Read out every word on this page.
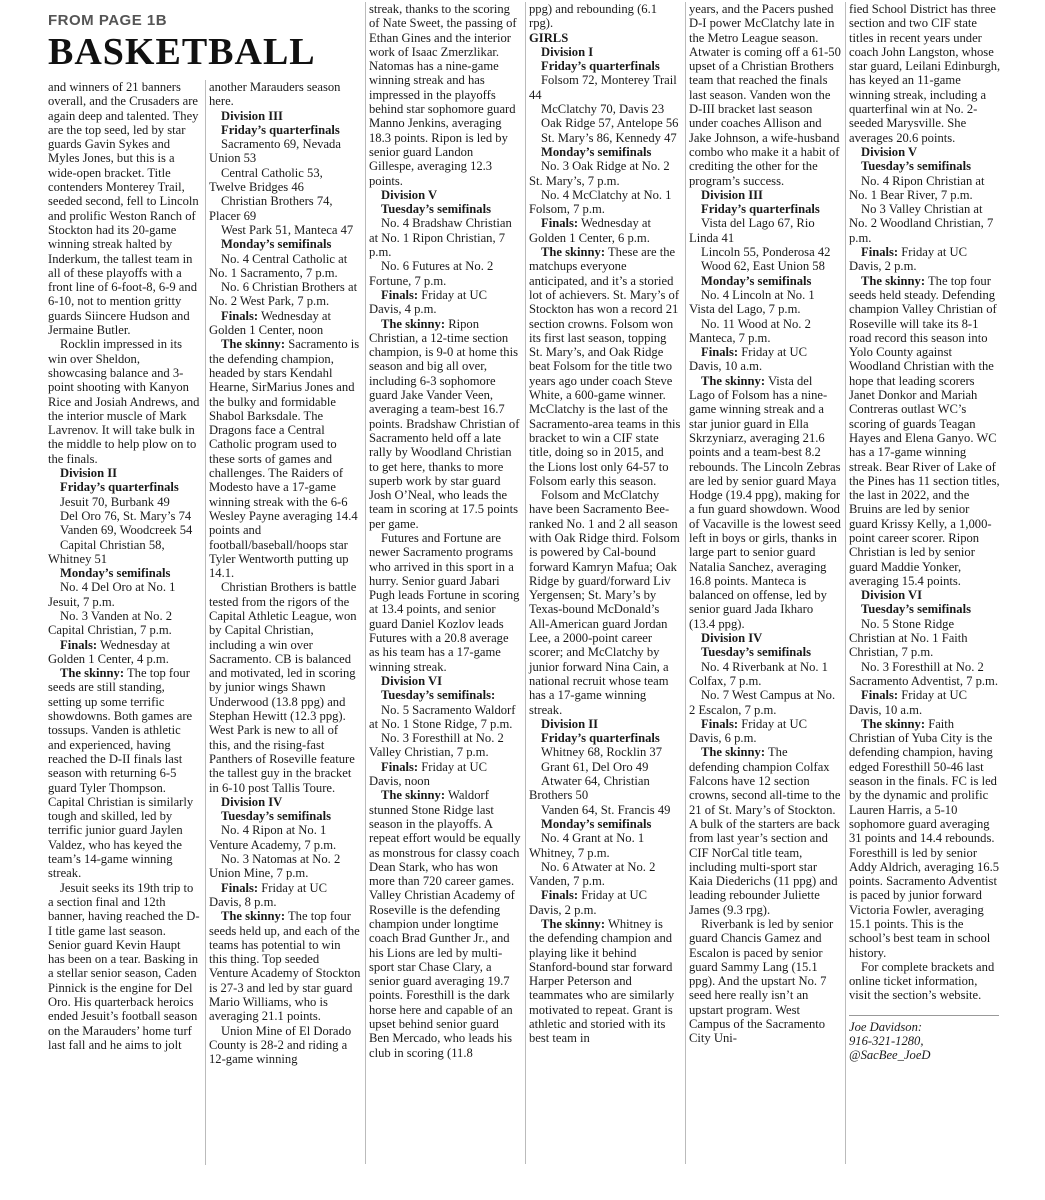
FROM PAGE 1B
BASKETBALL

and winners of 21 banners overall, and the Crusaders are again deep and talented. They are the top seed, led by star guards Gavin Sykes and Myles Jones, but this is a wide-open bracket. Title contenders Monterey Trail, seeded second, fell to Lincoln and prolific Weston Ranch of Stockton had its 20-game winning streak halted by Inderkum, the tallest team in all of these playoffs with a front line of 6-foot-8, 6-9 and 6-10, not to mention gritty guards Siincere Hudson and Jermaine Butler.

Rocklin impressed in its win over Sheldon, showcasing balance and 3-point shooting with Kanyon Rice and Josiah Andrews, and the interior muscle of Mark Lavrenov. It will take bulk in the middle to help plow on to the finals.

Division II

Friday’s quarterfinals

Jesuit 70, Burbank 49

Del Oro 76, St. Mary’s 74

Vanden 69, Woodcreek 54

Capital Christian 58, Whitney 51

Monday’s semifinals

No. 4 Del Oro at No. 1 Jesuit, 7 p.m.

No. 3 Vanden at No. 2 Capital Christian, 7 p.m.

Finals: Wednesday at Golden 1 Center, 4 p.m.

The skinny: The top four seeds are still standing, setting up some terrific showdowns. Both games are tossups. Vanden is athletic and experienced, having reached the D-II finals last season with returning 6-5 guard Tyler Thompson. Capital Christian is similarly tough and skilled, led by terrific junior guard Jaylen Valdez, who has keyed the team’s 14-game winning streak.

Jesuit seeks its 19th trip to a section final and 12th banner, having reached the D-I title game last season. Senior guard Kevin Haupt has been on a tear. Basking in a stellar senior season, Caden Pinnick is the engine for Del Oro. His quarterback heroics ended Jesuit’s football season on the Marauders’ home turf last fall and he aims to jolt

another Marauders season here.

Division III

Friday’s quarterfinals

Sacramento 69, Nevada Union 53

Central Catholic 53, Twelve Bridges 46

Christian Brothers 74, Placer 69

West Park 51, Manteca 47

Monday’s semifinals

No. 4 Central Catholic at No. 1 Sacramento, 7 p.m.

No. 6 Christian Brothers at No. 2 West Park, 7 p.m.

Finals: Wednesday at Golden 1 Center, noon

The skinny: Sacramento is the defending champion, headed by stars Kendahl Hearne, SirMarius Jones and the bulky and formidable Shabol Barksdale. The Dragons face a Central Catholic program used to these sorts of games and challenges. The Raiders of Modesto have a 17-game winning streak with the 6-6 Wesley Payne averaging 14.4 points and football/baseball/hoops star Tyler Wentworth putting up 14.1.

Christian Brothers is battle tested from the rigors of the Capital Athletic League, won by Capital Christian, including a win over Sacramento. CB is balanced and motivated, led in scoring by junior wings Shawn Underwood (13.8 ppg) and Stephan Hewitt (12.3 ppg). West Park is new to all of this, and the rising-fast Panthers of Roseville feature the tallest guy in the bracket in 6-10 post Tallis Toure.

Division IV

Tuesday’s semifinals

No. 4 Ripon at No. 1 Venture Academy, 7 p.m.

No. 3 Natomas at No. 2 Union Mine, 7 p.m.

Finals: Friday at UC Davis, 8 p.m.

The skinny: The top four seeds held up, and each of the teams has potential to win this thing. Top seeded Venture Academy of Stockton is 27-3 and led by star guard Mario Williams, who is averaging 21.1 points.

Union Mine of El Dorado County is 28-2 and riding a 12-game winning

streak, thanks to the scoring of Nate Sweet, the passing of Ethan Gines and the interior work of Isaac Zmerzlikar. Natomas has a nine-game winning streak and has impressed in the playoffs behind star sophomore guard Manno Jenkins, averaging 18.3 points. Ripon is led by senior guard Landon Gillespe, averaging 12.3 points.

Division V

Tuesday’s semifinals

No. 4 Bradshaw Christian at No. 1 Ripon Christian, 7 p.m.

No. 6 Futures at No. 2 Fortune, 7 p.m.

Finals: Friday at UC Davis, 4 p.m.

The skinny: Ripon Christian, a 12-time section champion, is 9-0 at home this season and big all over, including 6-3 sophomore guard Jake Vander Veen, averaging a team-best 16.7 points. Bradshaw Christian of Sacramento held off a late rally by Woodland Christian to get here, thanks to more superb work by star guard Josh O’Neal, who leads the team in scoring at 17.5 points per game.

Futures and Fortune are newer Sacramento programs who arrived in this sport in a hurry. Senior guard Jabari Pugh leads Fortune in scoring at 13.4 points, and senior guard Daniel Kozlov leads Futures with a 20.8 average as his team has a 17-game winning streak.

Division VI

Tuesday’s semifinals:

No. 5 Sacramento Waldorf at No. 1 Stone Ridge, 7 p.m.

No. 3 Foresthill at No. 2 Valley Christian, 7 p.m.

Finals: Friday at UC Davis, noon

The skinny: Waldorf stunned Stone Ridge last season in the playoffs. A repeat effort would be equally as monstrous for classy coach Dean Stark, who has won more than 720 career games. Valley Christian Academy of Roseville is the defending champion under longtime coach Brad Gunther Jr., and his Lions are led by multi-sport star Chase Clary, a senior guard averaging 19.7 points. Foresthill is the dark horse here and capable of an upset behind senior guard Ben Mercado, who leads his club in scoring (11.8

ppg) and rebounding (6.1 rpg).

GIRLS

Division I

Friday’s quarterfinals

Folsom 72, Monterey Trail 44

McClatchy 70, Davis 23

Oak Ridge 57, Antelope 56

St. Mary’s 86, Kennedy 47

Monday’s semifinals

No. 3 Oak Ridge at No. 2 St. Mary’s, 7 p.m.

No. 4 McClatchy at No. 1 Folsom, 7 p.m.

Finals: Wednesday at Golden 1 Center, 6 p.m.

The skinny: These are the matchups everyone anticipated, and it’s a storied lot of achievers. St. Mary’s of Stockton has won a record 21 section crowns. Folsom won its first last season, topping St. Mary’s, and Oak Ridge beat Folsom for the title two years ago under coach Steve White, a 600-game winner. McClatchy is the last of the Sacramento-area teams in this bracket to win a CIF state title, doing so in 2015, and the Lions lost only 64-57 to Folsom early this season.

Folsom and McClatchy have been Sacramento Bee-ranked No. 1 and 2 all season with Oak Ridge third. Folsom is powered by Cal-bound forward Kamryn Mafua; Oak Ridge by guard/forward Liv Yergensen; St. Mary’s by Texas-bound McDonald’s All-American guard Jordan Lee, a 2000-point career scorer; and McClatchy by junior forward Nina Cain, a national recruit whose team has a 17-game winning streak.

Division II

Friday’s quarterfinals

Whitney 68, Rocklin 37

Grant 61, Del Oro 49

Atwater 64, Christian Brothers 50

Vanden 64, St. Francis 49

Monday’s semifinals

No. 4 Grant at No. 1 Whitney, 7 p.m.

No. 6 Atwater at No. 2 Vanden, 7 p.m.

Finals: Friday at UC Davis, 2 p.m.

The skinny: Whitney is the defending champion and playing like it behind Stanford-bound star forward Harper Peterson and teammates who are similarly motivated to repeat. Grant is athletic and storied with its best team in

years, and the Pacers pushed D-I power McClatchy late in the Metro League season. Atwater is coming off a 61-50 upset of a Christian Brothers team that reached the finals last season. Vanden won the D-III bracket last season under coaches Allison and Jake Johnson, a wife-husband combo who make it a habit of crediting the other for the program’s success.

Division III

Friday’s quarterfinals

Vista del Lago 67, Rio Linda 41

Lincoln 55, Ponderosa 42

Wood 62, East Union 58

Monday’s semifinals

No. 4 Lincoln at No. 1 Vista del Lago, 7 p.m.

No. 11 Wood at No. 2 Manteca, 7 p.m.

Finals: Friday at UC Davis, 10 a.m.

The skinny: Vista del Lago of Folsom has a nine-game winning streak and a star junior guard in Ella Skrzyniarz, averaging 21.6 points and a team-best 8.2 rebounds. The Lincoln Zebras are led by senior guard Maya Hodge (19.4 ppg), making for a fun guard showdown. Wood of Vacaville is the lowest seed left in boys or girls, thanks in large part to senior guard Natalia Sanchez, averaging 16.8 points. Manteca is balanced on offense, led by senior guard Jada Ikharo (13.4 ppg).

Division IV

Tuesday’s semifinals

No. 4 Riverbank at No. 1 Colfax, 7 p.m.

No. 7 West Campus at No. 2 Escalon, 7 p.m.

Finals: Friday at UC Davis, 6 p.m.

The skinny: The defending champion Colfax Falcons have 12 section crowns, second all-time to the 21 of St. Mary’s of Stockton. A bulk of the starters are back from last year’s section and CIF NorCal title team, including multi-sport star Kaia Diederichs (11 ppg) and leading rebounder Juliette James (9.3 rpg).

Riverbank is led by senior guard Chancis Gamez and Escalon is paced by senior guard Sammy Lang (15.1 ppg). And the upstart No. 7 seed here really isn’t an upstart program. West Campus of the Sacramento City Uni-

fied School District has three section and two CIF state titles in recent years under coach John Langston, whose star guard, Leilani Edinburgh, has keyed an 11-game winning streak, including a quarterfinal win at No. 2-seeded Marysville. She averages 20.6 points.

Division V

Tuesday’s semifinals

No. 4 Ripon Christian at No. 1 Bear River, 7 p.m.

No 3 Valley Christian at No. 2 Woodland Christian, 7 p.m.

Finals: Friday at UC Davis, 2 p.m.

The skinny: The top four seeds held steady. Defending champion Valley Christian of Roseville will take its 8-1 road record this season into Yolo County against Woodland Christian with the hope that leading scorers Janet Donkor and Mariah Contreras outlast WC’s scoring of guards Teagan Hayes and Elena Ganyo. WC has a 17-game winning streak. Bear River of Lake of the Pines has 11 section titles, the last in 2022, and the Bruins are led by senior guard Krissy Kelly, a 1,000-point career scorer. Ripon Christian is led by senior guard Maddie Yonker, averaging 15.4 points.

Division VI

Tuesday’s semifinals

No. 5 Stone Ridge Christian at No. 1 Faith Christian, 7 p.m.

No. 3 Foresthill at No. 2 Sacramento Adventist, 7 p.m.

Finals: Friday at UC Davis, 10 a.m.

The skinny: Faith Christian of Yuba City is the defending champion, having edged Foresthill 50-46 last season in the finals. FC is led by the dynamic and prolific Lauren Harris, a 5-10 sophomore guard averaging 31 points and 14.4 rebounds. Foresthill is led by senior Addy Aldrich, averaging 16.5 points. Sacramento Adventist is paced by junior forward Victoria Fowler, averaging 15.1 points. This is the school’s best team in school history.

For complete brackets and online ticket information, visit the section’s website.

Joe Davidson:
916-321-1280,
@SacBee_JoeD
